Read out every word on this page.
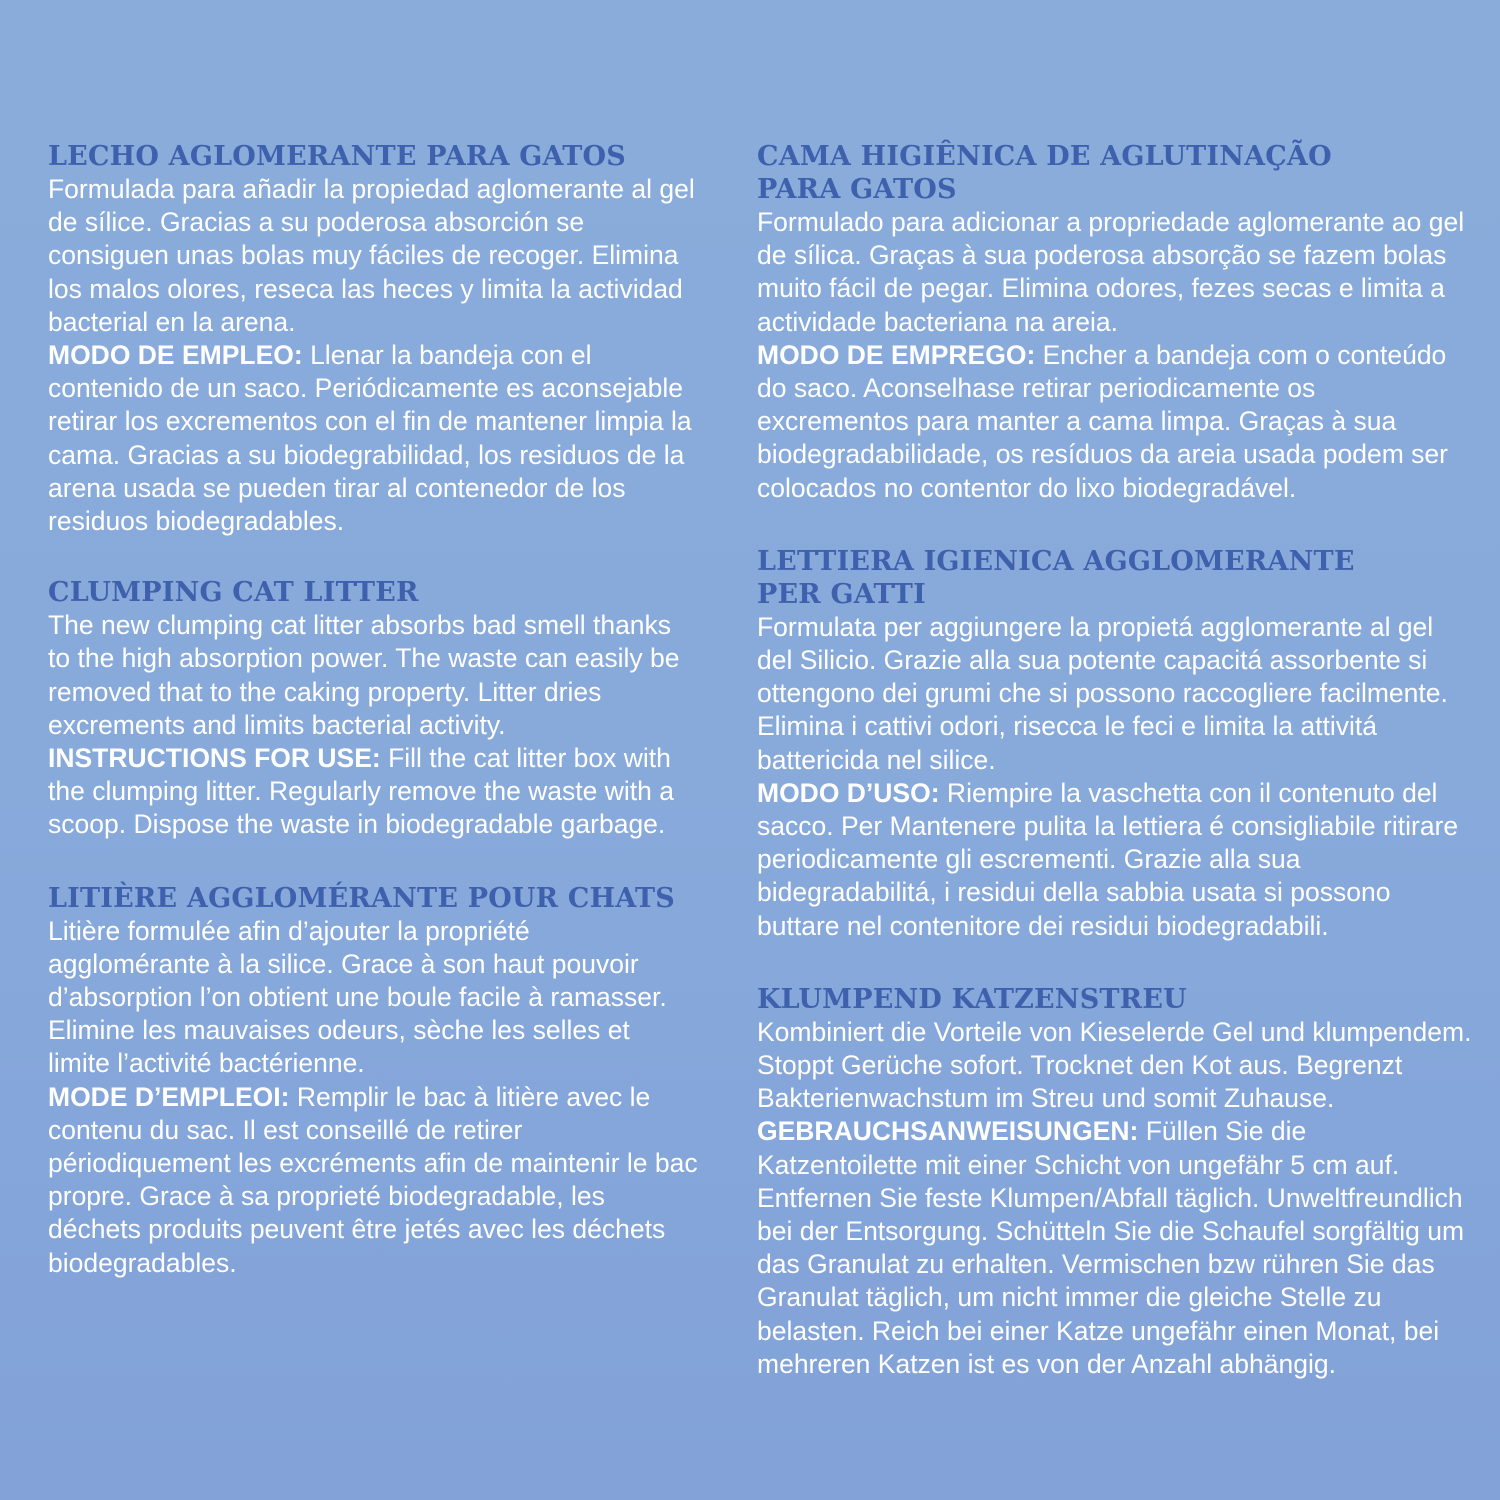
LECHO AGLOMERANTE PARA GATOS
Formulada para añadir la propiedad aglomerante al gel de sílice. Gracias a su poderosa absorción se consiguen unas bolas muy fáciles de recoger. Elimina los malos olores, reseca las heces y limita la actividad bacterial en la arena.
MODO DE EMPLEO: Llenar la bandeja con el contenido de un saco. Periódicamente es aconsejable retirar los excrementos con el fin de mantener limpia la cama. Gracias a su biodegrabilidad, los residuos de la arena usada se pueden tirar al contenedor de los residuos biodegradables.
CLUMPING CAT LITTER
The new clumping cat litter absorbs bad smell thanks to the high absorption power. The waste can easily be removed that to the caking property. Litter dries excrements and limits bacterial activity.
INSTRUCTIONS FOR USE: Fill the cat litter box with the clumping litter. Regularly remove the waste with a scoop. Dispose the waste in biodegradable garbage.
LITIÈRE AGGLOMÉRANTE POUR CHATS
Litière formulée afin d’ajouter la propriété agglomérante à la silice. Grace à son haut pouvoir d’absorption l’on obtient une boule facile à ramasser. Elimine les mauvaises odeurs, sèche les selles et limite l’activité bactérienne.
MODE D’EMPLEOI: Remplir le bac à litière avec le contenu du sac. Il est conseillé de retirer périodiquement les excréments afin de maintenir le bac propre. Grace à sa proprieté biodegradable, les déchets produits peuvent être jetés avec les déchets biodegradables.
CAMA HIGIÊNICA DE AGLUTINAÇÃO
PARA GATOS
Formulado para adicionar a propriedade aglomerante ao gel de sílica. Graças à sua poderosa absorção se fazem bolas muito fácil de pegar. Elimina odores, fezes secas e limita a actividade bacteriana na areia.
MODO DE EMPREGO: Encher a bandeja com o conteúdo do saco. Aconselhase retirar periodicamente os excrementos para manter a cama limpa. Graças à sua biodegradabilidade, os resíduos da areia usada podem ser colocados no contentor do lixo biodegradável.
LETTIERA IGIENICA AGGLOMERANTE
PER GATTI
Formulata per aggiungere la propietá agglomerante al gel del Silicio. Grazie alla sua potente capacitá assorbente si ottengono dei grumi che si possono raccogliere facilmente. Elimina i cattivi odori, risecca le feci e limita la attivitá battericida nel silice.
MODO D’USO: Riempire la vaschetta con il contenuto del sacco. Per Mantenere pulita la lettiera é consigliabile ritirare periodicamente gli escrementi. Grazie alla sua bidegradabilitá, i residui della sabbia usata si possono buttare nel contenitore dei residui biodegradabili.
KLUMPEND KATZENSTREU
Kombiniert die Vorteile von Kieselerde Gel und klumpendem. Stoppt Gerüche sofort. Trocknet den Kot aus. Begrenzt Bakterienwachstum im Streu und somit Zuhause.
GEBRAUCHSANWEISUNGEN: Füllen Sie die Katzentoilette mit einer Schicht von ungefähr 5 cm auf. Entfernen Sie feste Klumpen/Abfall täglich. Unweltfreundlich bei der Entsorgung. Schütteln Sie die Schaufel sorgfältig um das Granulat zu erhalten. Vermischen bzw rühren Sie das Granulat täglich, um nicht immer die gleiche Stelle zu belasten. Reich bei einer Katze ungefähr einen Monat, bei mehreren Katzen ist es von der Anzahl abhängig.
